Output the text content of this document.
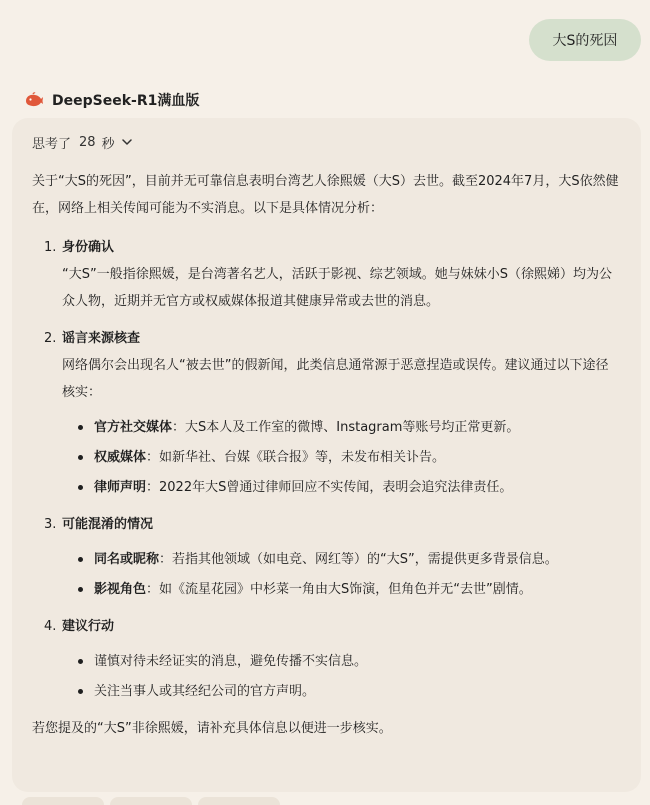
大S的死因
DeepSeek-R1满血版
思考了 28 秒

关于“大S的死因”，目前并无可靠信息表明台湾艺人徐熙媛（大S）去世。截至2024年7月，大S依然健在，网络上相关传闻可能为不实消息。以下是具体情况分析：

1. 身份确认

“大S”一般指徐熙媛，是台湾著名艺人，活跃于影视、综艺领域。她与妹妹小S（徐熙娣）均为公众人物，近期并无官方或权威媒体报道其健康异常或去世的消息。

2. 谣言来源核查

网络偶尔会出现名人“被去世”的假新闻，此类信息通常源于恶意捏造或误传。建议通过以下途径核实：

官方社交媒体：大S本人及工作室的微博、Instagram等账号均正常更新。
权威媒体：如新华社、台媒《联合报》等，未发布相关讣告。
律师声明：2022年大S曾通过律师回应不实传闻，表明会追究法律责任。
3. 可能混淆的情况
同名或昵称：若指其他领域（如电竞、网红等）的“大S”，需提供更多背景信息。
影视角色：如《流星花园》中杉菜一角由大S饰演，但角色并无“去世”剧情。
4. 建议行动
谨慎对待未经证实的消息，避免传播不实信息。
关注当事人或其经纪公司的官方声明。

若您提及的“大S”非徐熙媛，请补充具体信息以便进一步核实。
